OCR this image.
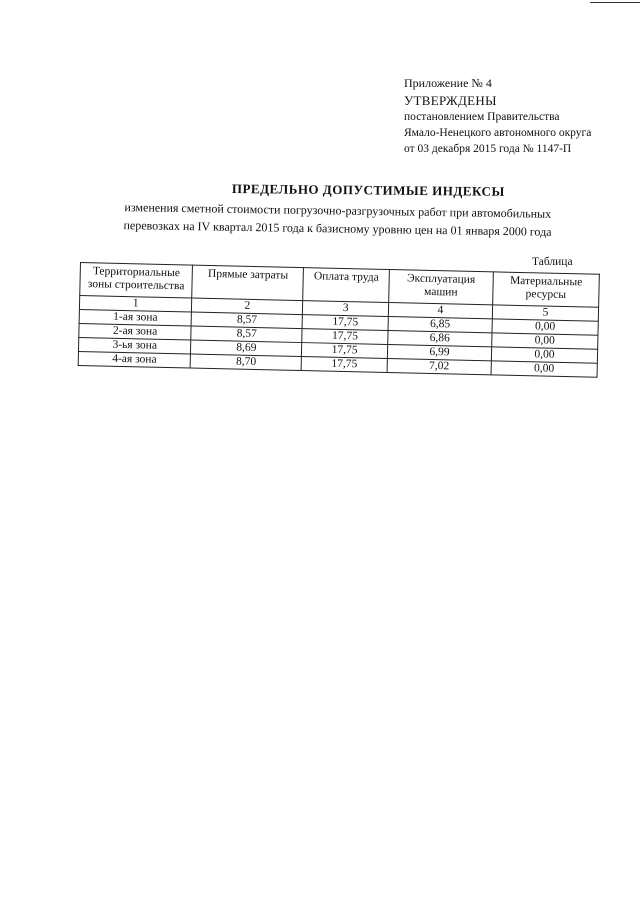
Приложение № 4
УТВЕРЖДЕНЫ
постановлением Правительства
Ямало-Ненецкого автономного округа
от 03 декабря 2015 года № 1147-П
ПРЕДЕЛЬНО ДОПУСТИМЫЕ ИНДЕКСЫ
изменения сметной стоимости погрузочно-разгрузочных работ при автомобильных
перевозках на IV квартал 2015 года к базисному уровню цен на 01 января 2000 года
Таблица
Территориальные зоны строительства	Прямые затраты	Оплата труда	Эксплуатация машин	Материальные ресурсы
1	2	3	4	5
1-ая зона	8,57	17,75	6,85	0,00
2-ая зона	8,57	17,75	6,86	0,00
3-ья зона	8,69	17,75	6,99	0,00
4-ая зона	8,70	17,75	7,02	0,00
